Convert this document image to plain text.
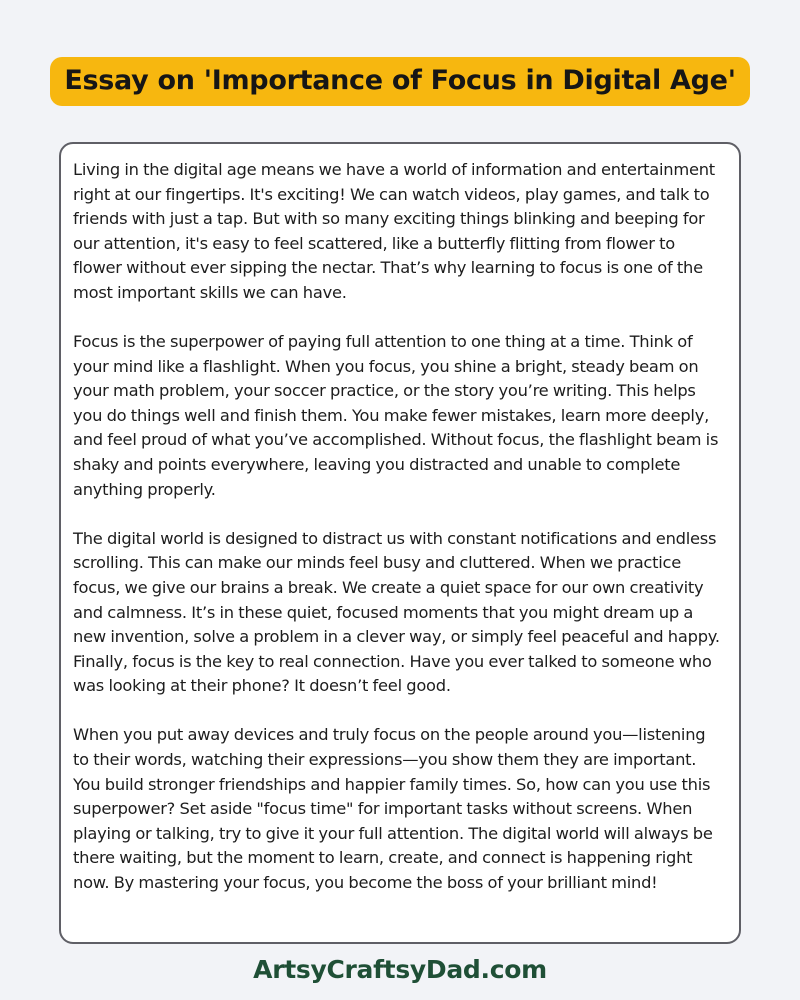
Essay on 'Importance of Focus in Digital Age'

Living in the digital age means we have a world of information and entertainment right at our fingertips. It's exciting! We can watch videos, play games, and talk to friends with just a tap. But with so many exciting things blinking and beeping for our attention, it's easy to feel scattered, like a butterfly flitting from flower to flower without ever sipping the nectar. That’s why learning to focus is one of the most important skills we can have.

Focus is the superpower of paying full attention to one thing at a time. Think of your mind like a flashlight. When you focus, you shine a bright, steady beam on your math problem, your soccer practice, or the story you’re writing. This helps you do things well and finish them. You make fewer mistakes, learn more deeply, and feel proud of what you’ve accomplished. Without focus, the flashlight beam is shaky and points everywhere, leaving you distracted and unable to complete anything properly.

The digital world is designed to distract us with constant notifications and endless scrolling. This can make our minds feel busy and cluttered. When we practice focus, we give our brains a break. We create a quiet space for our own creativity and calmness. It’s in these quiet, focused moments that you might dream up a new invention, solve a problem in a clever way, or simply feel peaceful and happy. Finally, focus is the key to real connection. Have you ever talked to someone who was looking at their phone? It doesn’t feel good.

When you put away devices and truly focus on the people around you—listening to their words, watching their expressions—you show them they are important. You build stronger friendships and happier family times. So, how can you use this superpower? Set aside "focus time" for important tasks without screens. When playing or talking, try to give it your full attention. The digital world will always be there waiting, but the moment to learn, create, and connect is happening right now. By mastering your focus, you become the boss of your brilliant mind!

ArtsyCraftsyDad.com
